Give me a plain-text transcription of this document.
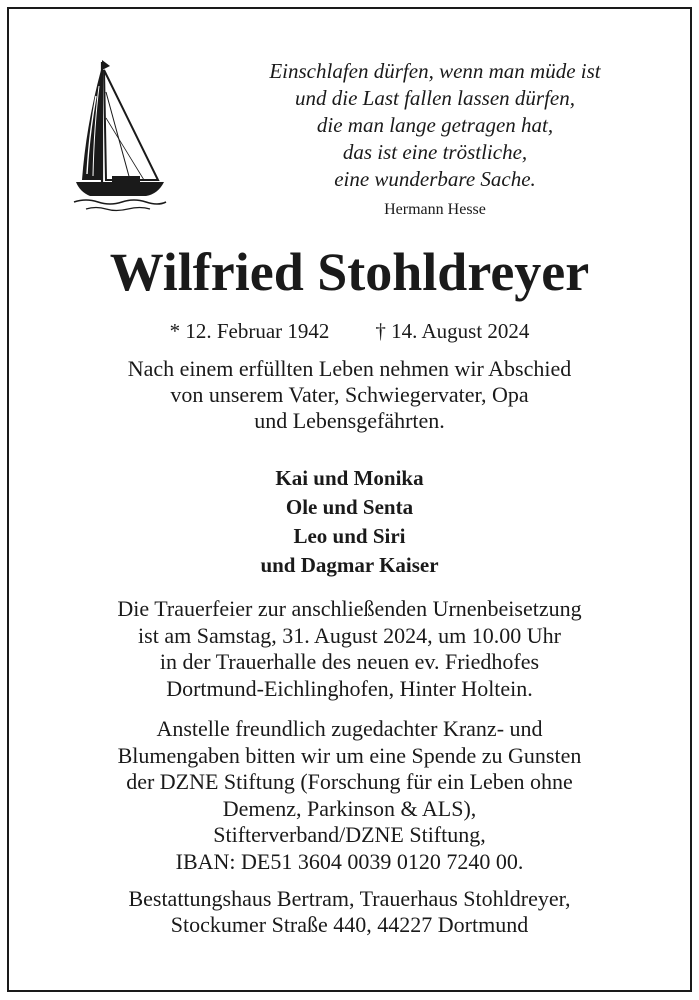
Einschlafen dürfen, wenn man müde ist
und die Last fallen lassen dürfen,
die man lange getragen hat,
das ist eine tröstliche,
eine wunderbare Sache.
Hermann Hesse
Wilfried Stohldreyer
* 12. Februar 1942 † 14. August 2024
Nach einem erfüllten Leben nehmen wir Abschied
von unserem Vater, Schwiegervater, Opa
und Lebensgefährten.
Kai und Monika
Ole und Senta
Leo und Siri
und Dagmar Kaiser
Die Trauerfeier zur anschließenden Urnenbeisetzung
ist am Samstag, 31. August 2024, um 10.00 Uhr
in der Trauerhalle des neuen ev. Friedhofes
Dortmund-Eichlinghofen, Hinter Holtein.
Anstelle freundlich zugedachter Kranz- und
Blumengaben bitten wir um eine Spende zu Gunsten
der DZNE Stiftung (Forschung für ein Leben ohne
Demenz, Parkinson & ALS),
Stifterverband/DZNE Stiftung,
IBAN: DE51 3604 0039 0120 7240 00.
Bestattungshaus Bertram, Trauerhaus Stohldreyer,
Stockumer Straße 440, 44227 Dortmund
